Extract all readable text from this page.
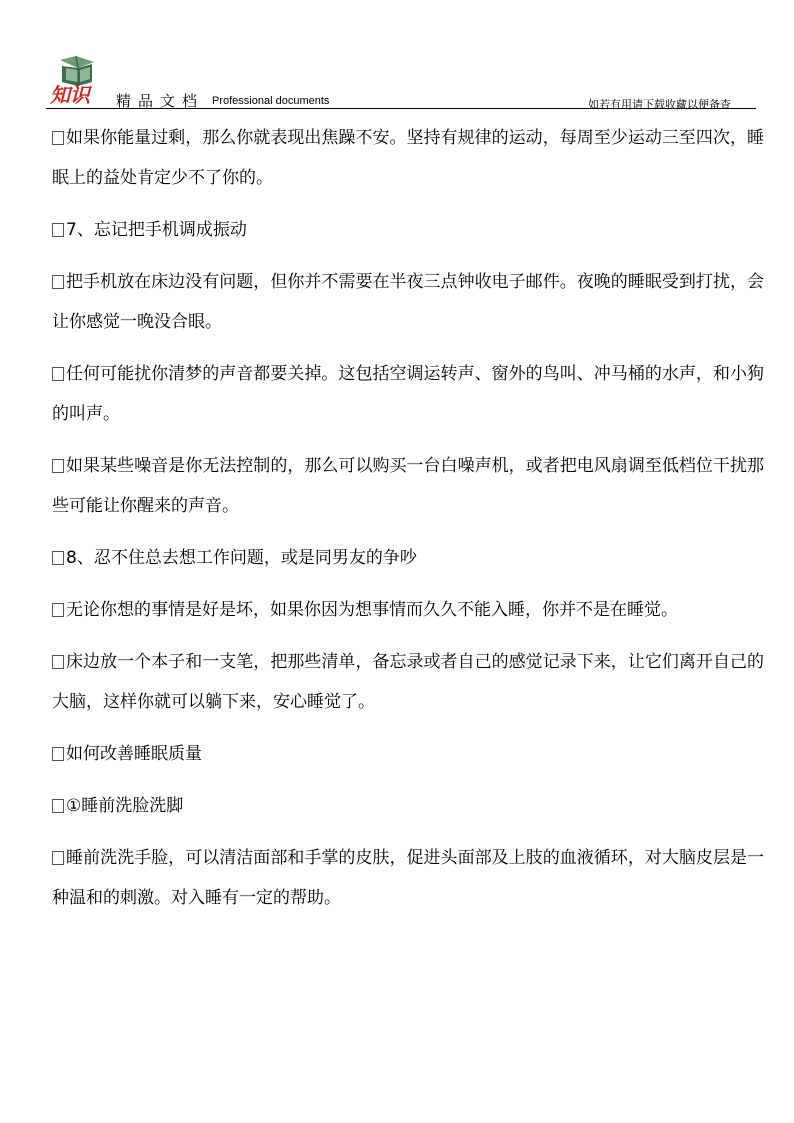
知识 精品文档 Professional documents	如若有用请下载收藏以便备查

如果你能量过剩，那么你就表现出焦躁不安。坚持有规律的运动，每周至少运动三至四次，睡眠上的益处肯定少不了你的。

7、忘记把手机调成振动

把手机放在床边没有问题，但你并不需要在半夜三点钟收电子邮件。夜晚的睡眠受到打扰，会让你感觉一晚没合眼。

任何可能扰你清梦的声音都要关掉。这包括空调运转声、窗外的鸟叫、冲马桶的水声，和小狗的叫声。

如果某些噪音是你无法控制的，那么可以购买一台白噪声机，或者把电风扇调至低档位干扰那些可能让你醒来的声音。

8、忍不住总去想工作问题，或是同男友的争吵

无论你想的事情是好是坏，如果你因为想事情而久久不能入睡，你并不是在睡觉。

床边放一个本子和一支笔，把那些清单，备忘录或者自己的感觉记录下来，让它们离开自己的大脑，这样你就可以躺下来，安心睡觉了。

如何改善睡眠质量

①睡前洗脸洗脚

睡前洗洗手脸，可以清洁面部和手掌的皮肤，促进头面部及上肢的血液循环，对大脑皮层是一种温和的刺激。对入睡有一定的帮助。
